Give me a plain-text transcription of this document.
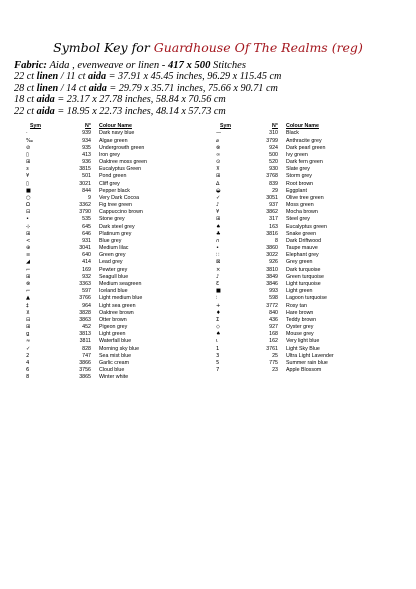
Symbol Key for Guardhouse Of The Realms (reg)
Fabric: Aida , evenweave or linen - 417 x 500 Stitches
22 ct linen / 11 ct aida = 37.91 x 45.45 inches, 96.29 x 115.45 cm
28 ct linen / 14 ct aida = 29.79 x 35.71 inches, 75.66 x 90.71 cm
18 ct aida = 23.17 x 27.78 inches, 58.84 x 70.56 cm
22 ct aida = 18.95 x 22.73 inches, 48.14 x 57.73 cm
Sym	N°	Colour Name
·	939	Dark navy blue
‰	934	Algae green
⊘	935	Undergrowth green
▯	413	Iron grey
⊞	936	Oaktree moss green
ɜ	3815	Eucalyptus Green
¥	501	Pond green
▯	3021	Cliff grey
■	844	Pepper black
○	9	Very Dark Cocoa
Ω	3362	Fig tree green
⊟	3790	Cappuccino brown
•	535	Stone grey
⊹	645	Dark steel grey
⊞	646	Platinum grey
<	931	Blue grey
⊕	3041	Medium lilac
≡	640	Green grey
◢	414	Lead grey
⌐	169	Pewter grey
⊞	932	Seagull blue
⊗	3363	Medium seagreen
⌐	597	Iceland blue
▲	3766	Light medium blue
‡	964	Light sea green
⊻	3828	Oaktree brown
⊟	3863	Otter brown
⊞	452	Pigeon grey
ǥ	3813	Light green
≈	3811	Waterfall blue
✓	828	Morning sky blue
2	747	Sea mist blue
4	3866	Garlic cream
6	3756	Cloud blue
8	3865	Winter white
Sym	N°	Colour Name
—	310	Black
⌀	3799	Anthracite grey
⊗	924	Dark pearl green
∞	500	Ivy green
⊙	520	Dark fern green
⊼	930	Slate grey
⊞	3768	Storm grey
∆	839	Root brown
◒	29	Eggplant
✓	3051	Olive tree green
♪	937	Moss green
¥	3862	Mocha brown
⊞	317	Steel grey
♠	163	Eucalyptus green
♣	3816	Snake green
∩	8	Dark Driftwood
•	3860	Taupe mauve
∷	3022	Elephant grey
⊠	926	Grey green
×	3810	Dark turquoise
♪	3849	Green turquoise
Ɛ	3846	Light turquoise
■	993	Light green
∶	598	Lagoon turquoise
+	3772	Rosy tan
♦	840	Hare brown
Σ	436	Teddy brown
◇	927	Oyster grey
♠	168	Mouse grey
ι	162	Very light blue
1	3761	Light Sky Blue
3	25	Ultra Light Lavender
5	775	Summer rain blue
7	23	Apple Blossom
